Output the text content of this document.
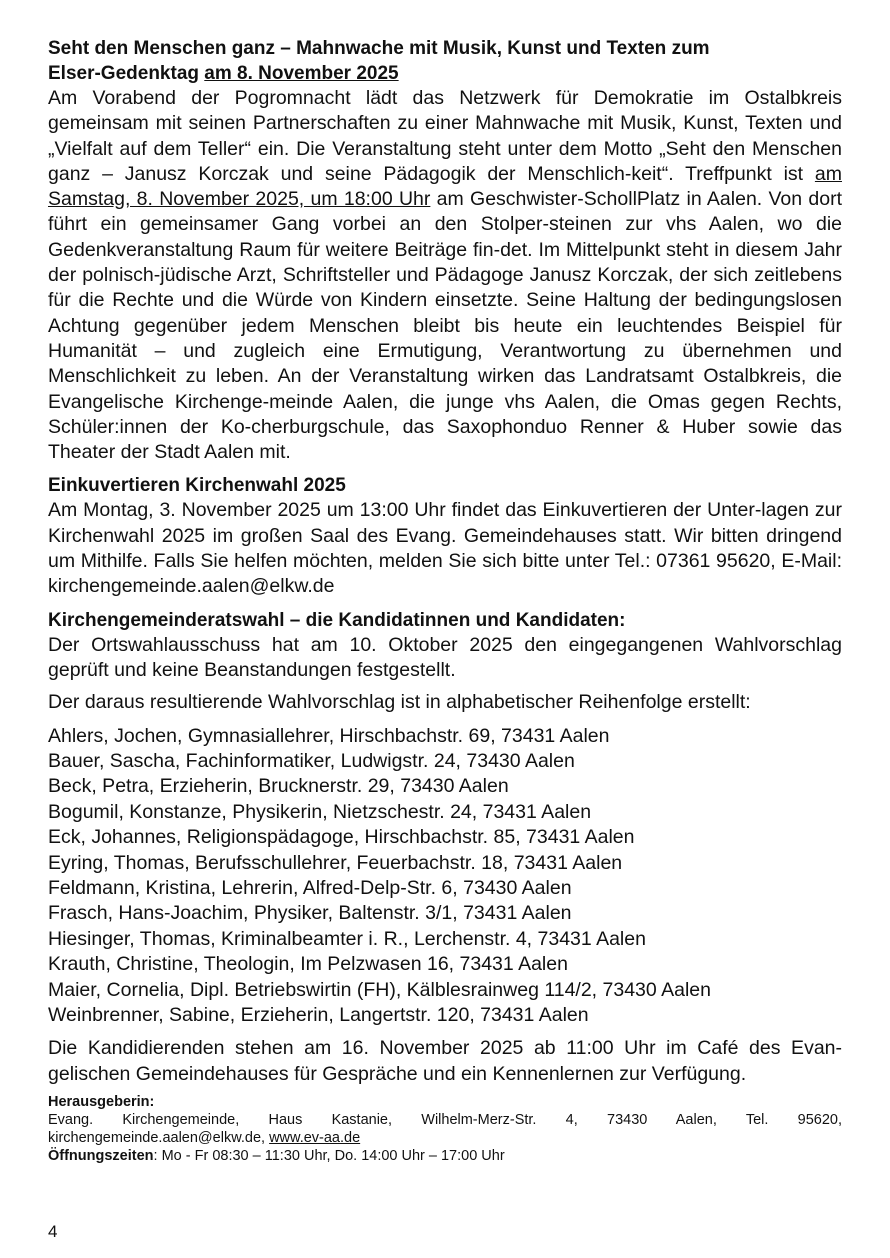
Seht den Menschen ganz – Mahnwache mit Musik, Kunst und Texten zum
Elser-Gedenktag am 8. November 2025

Am Vorabend der Pogromnacht lädt das Netzwerk für Demokratie im Ostalbkreis gemeinsam mit seinen Partnerschaften zu einer Mahnwache mit Musik, Kunst, Texten und „Vielfalt auf dem Teller“ ein. Die Veranstaltung steht unter dem Motto „Seht den Menschen ganz – Janusz Korczak und seine Pädagogik der Menschlich-keit“. Treffpunkt ist am Samstag, 8. November 2025, um 18:00 Uhr am Geschwister-SchollPlatz in Aalen. Von dort führt ein gemeinsamer Gang vorbei an den Stolper-steinen zur vhs Aalen, wo die Gedenkveranstaltung Raum für weitere Beiträge fin-det. Im Mittelpunkt steht in diesem Jahr der polnisch-jüdische Arzt, Schriftsteller und Pädagoge Janusz Korczak, der sich zeitlebens für die Rechte und die Würde von Kindern einsetzte. Seine Haltung der bedingungslosen Achtung gegenüber jedem Menschen bleibt bis heute ein leuchtendes Beispiel für Humanität – und zugleich eine Ermutigung, Verantwortung zu übernehmen und Menschlichkeit zu leben. An der Veranstaltung wirken das Landratsamt Ostalbkreis, die Evangelische Kirchenge-meinde Aalen, die junge vhs Aalen, die Omas gegen Rechts, Schüler:innen der Ko-cherburgschule, das Saxophonduo Renner & Huber sowie das Theater der Stadt Aalen mit.

Einkuvertieren Kirchenwahl 2025

Am Montag, 3. November 2025 um 13:00 Uhr findet das Einkuvertieren der Unter-lagen zur Kirchenwahl 2025 im großen Saal des Evang. Gemeindehauses statt. Wir bitten dringend um Mithilfe. Falls Sie helfen möchten, melden Sie sich bitte unter Tel.: 07361 95620, E-Mail: kirchengemeinde.aalen@elkw.de

Kirchengemeinderatswahl – die Kandidatinnen und Kandidaten:

Der Ortswahlausschuss hat am 10. Oktober 2025 den eingegangenen Wahlvorschlag geprüft und keine Beanstandungen festgestellt.

Der daraus resultierende Wahlvorschlag ist in alphabetischer Reihenfolge erstellt:

Ahlers, Jochen, Gymnasiallehrer, Hirschbachstr. 69, 73431 Aalen
Bauer, Sascha, Fachinformatiker, Ludwigstr. 24, 73430 Aalen
Beck, Petra, Erzieherin, Brucknerstr. 29, 73430 Aalen
Bogumil, Konstanze, Physikerin, Nietzschestr. 24, 73431 Aalen
Eck, Johannes, Religionspädagoge, Hirschbachstr. 85, 73431 Aalen
Eyring, Thomas, Berufsschullehrer, Feuerbachstr. 18, 73431 Aalen
Feldmann, Kristina, Lehrerin, Alfred-Delp-Str. 6, 73430 Aalen
Frasch, Hans-Joachim, Physiker, Baltenstr. 3/1, 73431 Aalen
Hiesinger, Thomas, Kriminalbeamter i. R., Lerchenstr. 4, 73431 Aalen
Krauth, Christine, Theologin, Im Pelzwasen 16, 73431 Aalen
Maier, Cornelia, Dipl. Betriebswirtin (FH), Kälblesrainweg 114/2, 73430 Aalen
Weinbrenner, Sabine, Erzieherin, Langertstr. 120, 73431 Aalen

Die Kandidierenden stehen am 16. November 2025 ab 11:00 Uhr im Café des Evan-gelischen Gemeindehauses für Gespräche und ein Kennenlernen zur Verfügung.

Herausgeberin:
Evang. Kirchengemeinde, Haus Kastanie, Wilhelm-Merz-Str. 4, 73430 Aalen, Tel. 95620,
kirchengemeinde.aalen@elkw.de, www.ev-aa.de
Öffnungszeiten: Mo - Fr 08:30 – 11:30 Uhr, Do. 14:00 Uhr – 17:00 Uhr
4
